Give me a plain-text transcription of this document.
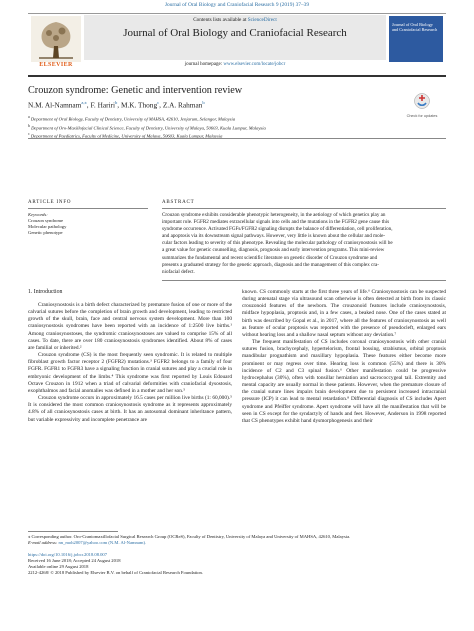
Journal of Oral Biology and Craniofacial Research 9 (2019) 37–39
Contents lists available at ScienceDirect
Journal of Oral Biology and Craniofacial Research
journal homepage: www.elsevier.com/locate/jobcr
ELSEVIER
Journal of Oral Biology and Craniofacial Research
Crouzon syndrome: Genetic and intervention review
N.M. Al-Namnam$^{a,⁎}$, F. Hariri$^b$, M.K. Thong$^c$, Z.A. Rahman$^b$
$^a$ Department of Oral Biology, Faculty of Dentistry, University of MAHSA, 42610, Jenjarum, Selangor, Malaysia
$^b$ Department of Oro-Maxillofacial Clinical Science, Faculty of Dentistry, University of Malaya, 50603, Kuala Lumpur, Malaysia
$^c$ Department of Paediatrics, Faculty of Medicine, University of Malaya, 50603, Kuala Lumpur, Malaysia
Check for updates
ARTICLE INFO
Keywords:
Crouzon syndrome
Molecular pathology
Genetic phenotype
ABSTRACT
Crouzon syndrome exhibits considerable phenotypic heterogeneity, in the aetiology of which genetics play an
important role. FGFR2 mediates extracellular signals into cells and the mutations in the FGFR2 gene cause this
syndrome occurrence. Activated FGFs/FGFR2 signaling disrupts the balance of differentiation, cell proliferation,
and apoptosis via its downstream signal pathways. However, very little is known about the cellular and mole-
cular factors leading to severity of this phenotype. Revealing the molecular pathology of craniosynostosis will be
a great value for genetic counselling, diagnosis, prognosis and early intervention programs. This mini-review
summarizes the fundamental and recent scientific literature on genetic disorder of Crouzon syndrome and
presents a graduated strategy for the genetic approach, diagnosis and the management of this complex cra-
niofacial defect.
1. Introduction

Craniosynostosis is a birth defect characterized by premature fusion of one or more of the calvarial sutures before the completion of brain growth and development, leading to restricted growth of the skull, brain, face and central nervous system development. More than 100 craniosynostosis syndromes have been reported with an incidence of 1:2500 live births.¹ Among craniosynostoses, the syndromic craniosynostoses are valued to comprise 15% of all cases. To date, there are over 180 craniosynostosis syndromes identified. About 8% of cases are familial or inherited.²

Crouzon syndrome (CS) is the most frequently seen syndromic. It is related to multiple fibroblast growth factor receptor 2 (FGFR2) mutations.³ FGFR2 belongs to a family of four FGFR. FGFR1 to FGFR3 have a signaling function in cranial sutures and play a crucial role in embryonic development of the limbs.⁴ This syndrome was first reported by Louis Edouard Octave Crouzon in 1912 when a triad of calvarial deformities with craniofacial dysostosis, exophthalmos and facial anomalies was defined in a mother and her son.⁵

Crouzon syndrome occurs in approximately 16.5 cases per million live births (1: 60,000).⁵ It is considered the most common craniosynostosis syndrome as it represents approximately 4.8% of all craniosynostosis cases at birth. It has an autosomal dominant inheritance pattern, but variable expressivity and incomplete penetrance are

known. CS commonly starts at the first three years of life.⁶ Craniosynostosis can be suspected during antenatal stage via ultrasound scan otherwise is often detected at birth from its classic crouzonoid features of the newborn. The crouzonoid features include craniosynostosis, midface hypoplasia, proptosis and, in a few cases, a beaked nose. One of the cases stated at birth was described by Gopal et al., in 2017, where all the features of craniosynostosis as well as feature of ocular proptosis was reported with the presence of pseudocleft, enlarged ears without hearing loss and a shallow nasal septum without any deviation.⁷

The frequent manifestation of CS includes coronal craniosynostosis with other cranial sutures fusion, brachycephaly, hypertelorism, frontal bossing, strabismus, orbital proptosis mandibular prognathism and maxillary hypoplasia. These features either become more prominent or may regress over time. Hearing loss is common (55%) and there is 30% incidence of C2 and C3 spinal fusion.⁶ Other manifestation could be progressive hydrocephalus (30%), often with tonsillar herniation and sacrococcygeal tail. Extremity and mental capacity are usually normal in these patients. However, when the premature closure of the cranial suture lines impairs brain development due to persistent increased intracranial pressure (ICP) it can lead to mental retardation.⁸ Differential diagnosis of CS includes Apert syndrome and Pfeiffer syndrome. Apert syndrome will have all the manifestation that will be seen in CS except for the syndactyly of hands and feet. However, Anderson in 1998 reported that CS phenotypes exhibit hand dysmorphogenesis and their

⁎ Corresponding author. Oro-Craniomaxillofacial Surgical Research Group (OCReS), Faculty of Dentistry, University of Malaya and University of MAHSA, 42610, Malaysia.
E-mail address: nn_moh2007@yahoo.com (N.M. Al-Namnam).
https://doi.org/10.1016/j.jobcr.2018.08.007
Received 16 June 2018; Accepted 24 August 2018
Available online 29 August 2018
2212-4268/ © 2018 Published by Elsevier B.V. on behalf of Craniofacial Research Foundation.
